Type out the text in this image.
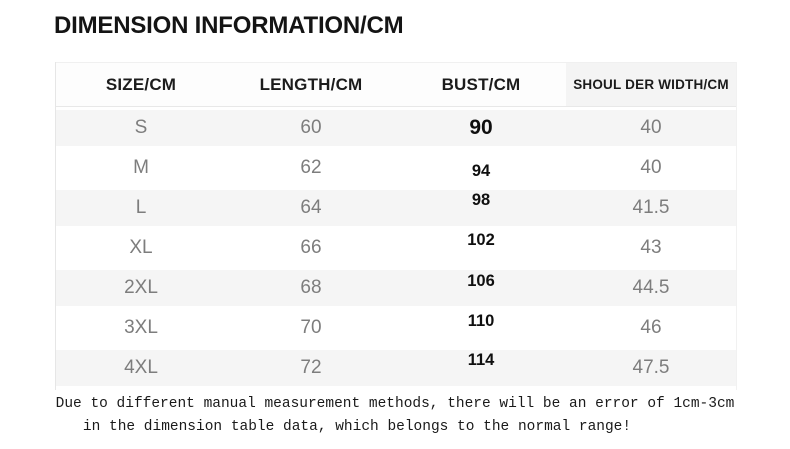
DIMENSION INFORMATION/CM
SIZE/CM	LENGTH/CM	BUST/CM	SHOUL DER WIDTH/CM
S	60	90	40
M	62	94	40
L	64	98	41.5
XL	66	102	43
2XL	68	106	44.5
3XL	70	110	46
4XL	72	114	47.5
Due to different manual measurement methods, there will be an error of 1cm-3cm
in the dimension table data, which belongs to the normal range!
